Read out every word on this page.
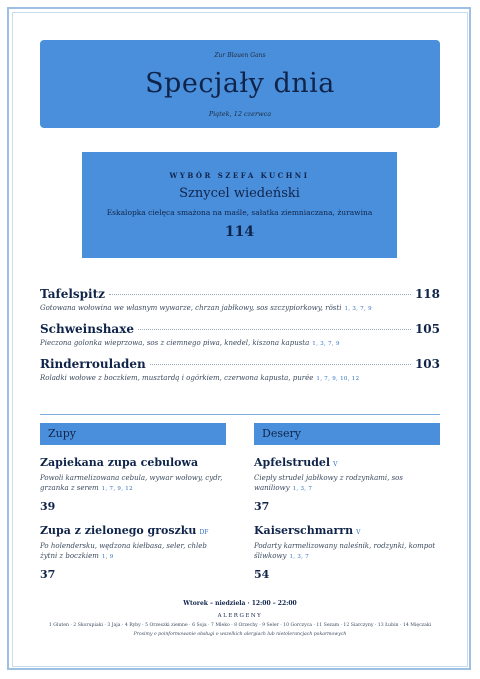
Zur Blauen Gans
Specjały dnia
Piątek, 12 czerwca
WYBÓR SZEFA KUCHNI
Sznycel wiedeński
Eskalopka cielęca smażona na maśle, sałatka ziemniaczana, żurawina
114
Tafelspitz	118
Gotowana wołowina we własnym wywarze, chrzan jabłkowy, sos szczypiorkowy, rösti 1, 3, 7, 9
Schweinshaxe	105
Pieczona golonka wieprzowa, sos z ciemnego piwa, knedel, kiszona kapusta 1, 3, 7, 9
Rinderrouladen	103
Roladki wołowe z boczkiem, musztardą i ogórkiem, czerwona kapusta, purée 1, 7, 9, 10, 12
Zupy
Zapiekana zupa cebulowa
Powoli karmelizowana cebula, wywar wołowy, cydr, grzanka z serem 1, 7, 9, 12
39
Zupa z zielonego groszku DF
Po holendersku, wędzona kiełbasa, seler, chleb żytni z boczkiem 1, 9
37
Desery
Apfelstrudel V
Ciepły strudel jabłkowy z rodzynkami, sos waniliowy 1, 3, 7
37
Kaiserschmarrn V
Podarty karmelizowany naleśnik, rodzynki, kompot śliwkowy 1, 3, 7
54
Wtorek – niedziela · 12:00 – 22:00
ALERGENY
1 Gluten · 2 Skorupiaki · 3 Jaja · 4 Ryby · 5 Orzeszki ziemne · 6 Soja · 7 Mleko · 8 Orzechy · 9 Seler · 10 Gorczyca · 11 Sezam · 12 Siarczyny · 13 Łubin · 14 Mięczaki
Prosimy o poinformowanie obsługi o wszelkich alergiach lub nietolerancjach pokarmowych
